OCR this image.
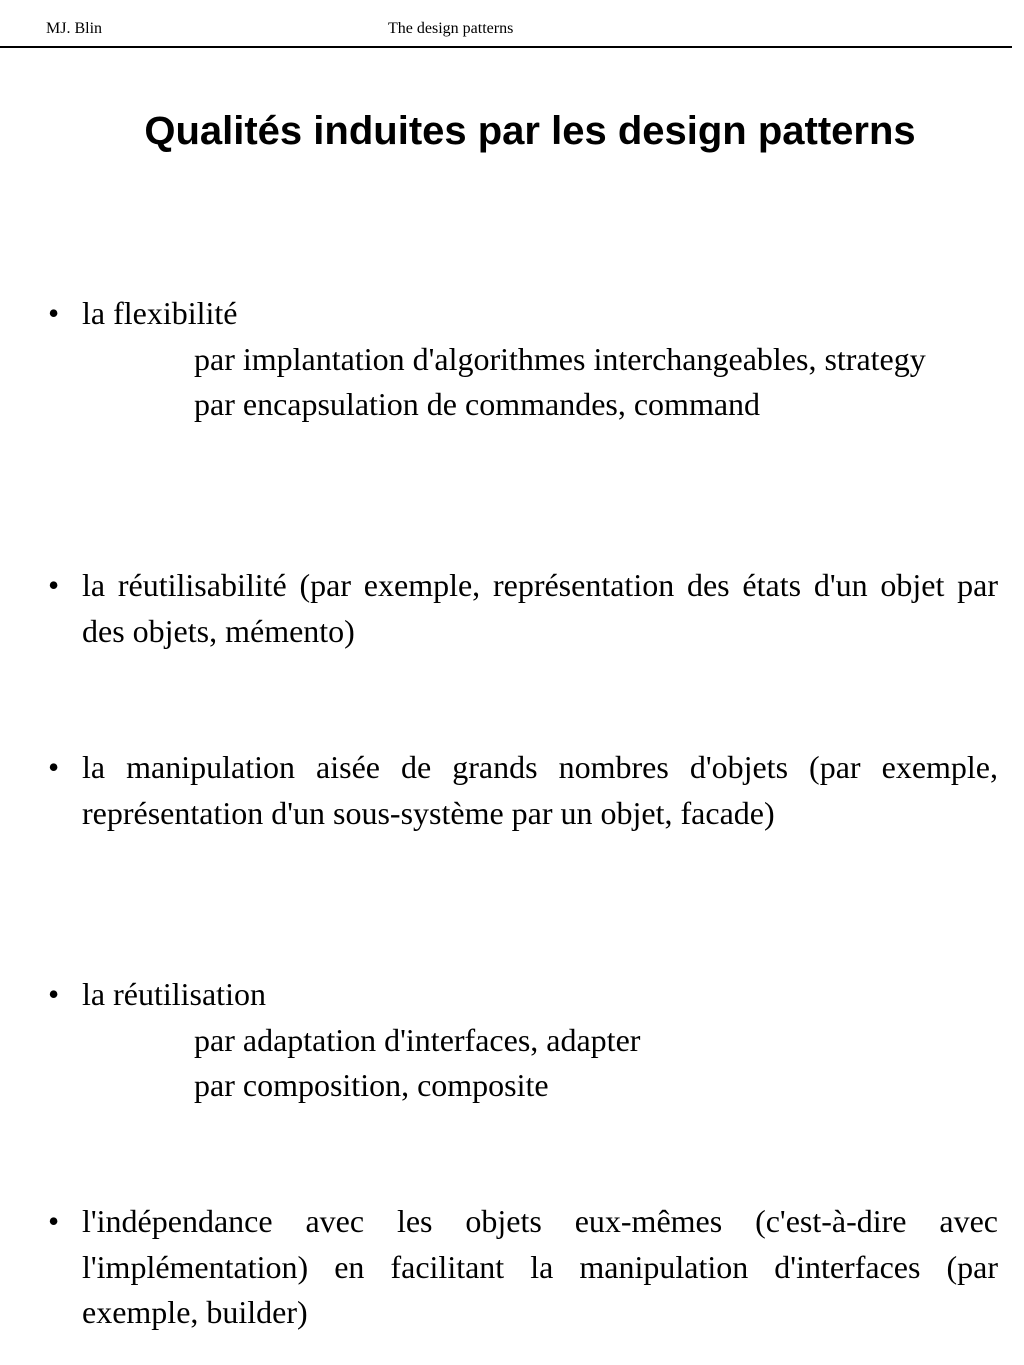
MJ. Blin	The design patterns
Qualités induites par les design patterns
• la flexibilité
par implantation d'algorithmes interchangeables, strategy
par encapsulation de commandes, command
• la réutilisabilité (par exemple, représentation des états d'un objet par des objets, mémento)
• la manipulation aisée de grands nombres d'objets (par exemple, représentation d'un sous-système par un objet, facade)
• la réutilisation
par adaptation d'interfaces, adapter
par composition, composite
• l'indépendance avec les objets eux-mêmes (c'est-à-dire avec l'implémentation) en facilitant la manipulation d'interfaces (par exemple, builder)
